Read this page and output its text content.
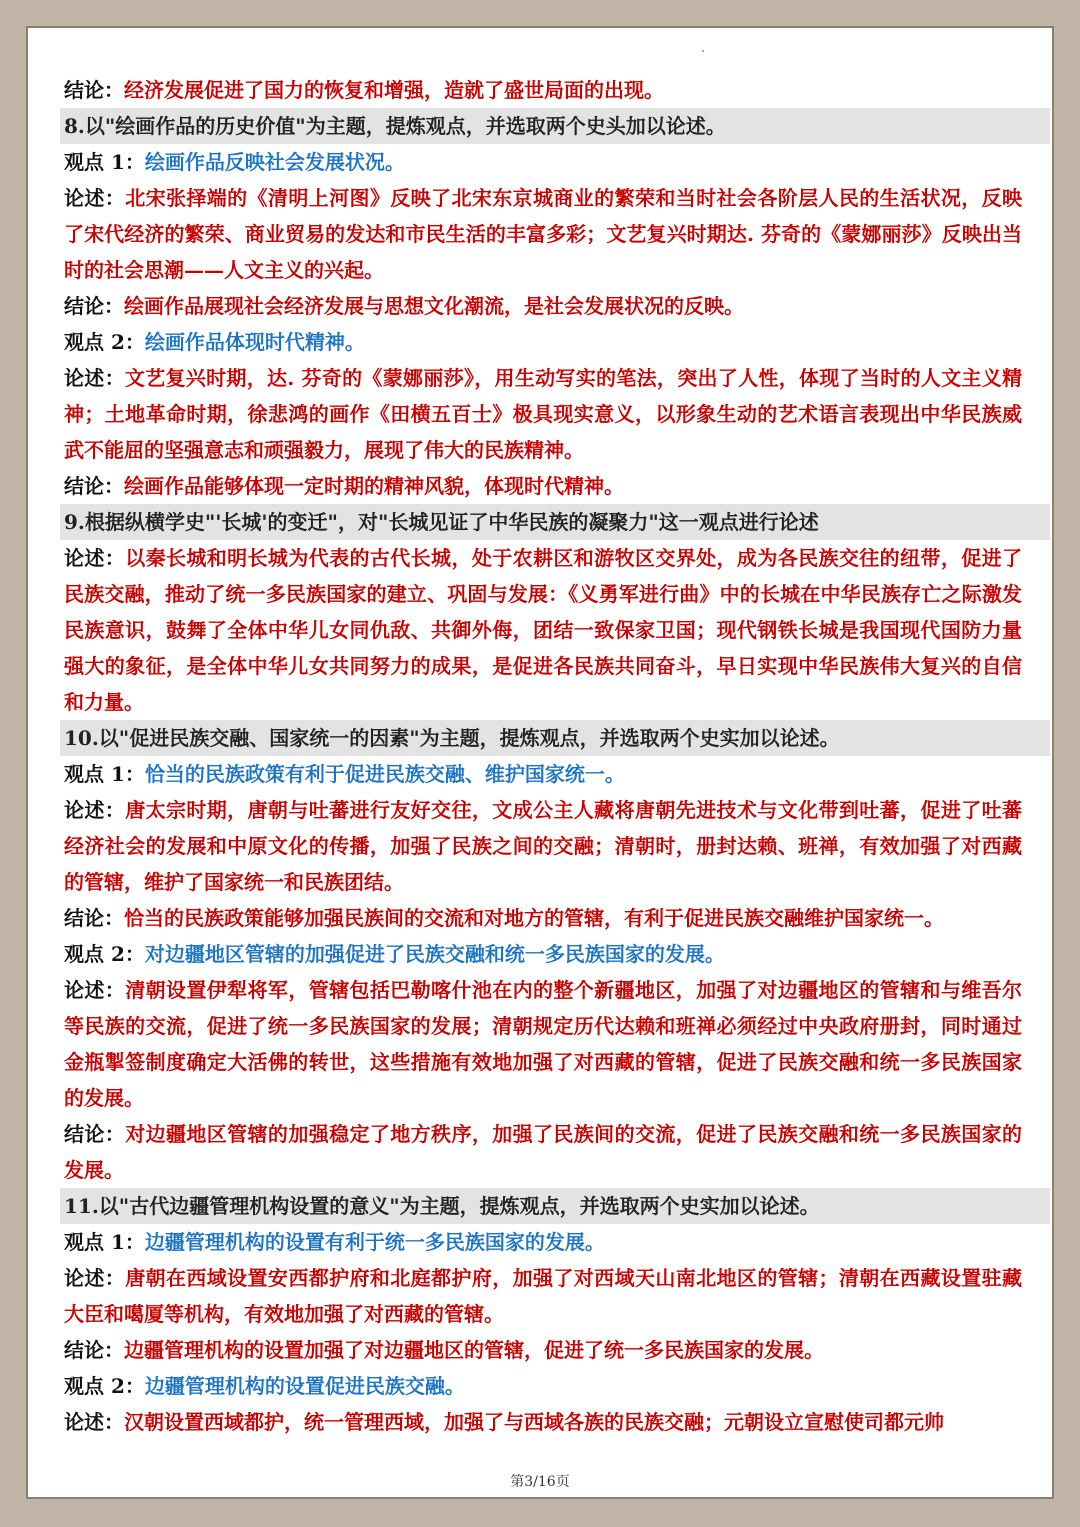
结论：经济发展促进了国力的恢复和增强，造就了盛世局面的出现。
8.以"绘画作品的历史价值"为主题，提炼观点，并选取两个史头加以论述。
观点 1：绘画作品反映社会发展状况。
论述：北宋张择端的《清明上河图》反映了北宋东京城商业的繁荣和当时社会各阶层人民的生活状况，反映了宋代经济的繁荣、商业贸易的发达和市民生活的丰富多彩；文艺复兴时期达. 芬奇的《蒙娜丽莎》反映出当时的社会思潮——人文主义的兴起。
结论：绘画作品展现社会经济发展与思想文化潮流，是社会发展状况的反映。
观点 2：绘画作品体现时代精神。
论述：文艺复兴时期，达. 芬奇的《蒙娜丽莎》，用生动写实的笔法，突出了人性，体现了当时的人文主义精神；土地革命时期，徐悲鸿的画作《田横五百士》极具现实意义，以形象生动的艺术语言表现出中华民族威武不能屈的坚强意志和顽强毅力，展现了伟大的民族精神。
结论：绘画作品能够体现一定时期的精神风貌，体现时代精神。
9.根据纵横学史"'长城'的变迁"，对"长城见证了中华民族的凝聚力"这一观点进行论述
论述：以秦长城和明长城为代表的古代长城，处于农耕区和游牧区交界处，成为各民族交往的纽带，促进了民族交融，推动了统一多民族国家的建立、巩固与发展：《义勇军进行曲》中的长城在中华民族存亡之际激发民族意识，鼓舞了全体中华儿女同仇敌、共御外侮，团结一致保家卫国；现代钢铁长城是我国现代国防力量强大的象征，是全体中华儿女共同努力的成果，是促进各民族共同奋斗，早日实现中华民族伟大复兴的自信和力量。
10.以"促进民族交融、国家统一的因素"为主题，提炼观点，并选取两个史实加以论述。
观点 1：恰当的民族政策有利于促进民族交融、维护国家统一。
论述：唐太宗时期，唐朝与吐蕃进行友好交往，文成公主人藏将唐朝先进技术与文化带到吐蕃，促进了吐蕃经济社会的发展和中原文化的传播，加强了民族之间的交融；清朝时，册封达赖、班禅，有效加强了对西藏的管辖，维护了国家统一和民族团结。
结论：恰当的民族政策能够加强民族间的交流和对地方的管辖，有利于促进民族交融维护国家统一。
观点 2：对边疆地区管辖的加强促进了民族交融和统一多民族国家的发展。
论述：清朝设置伊犁将军，管辖包括巴勒喀什池在内的整个新疆地区，加强了对边疆地区的管辖和与维吾尔等民族的交流，促进了统一多民族国家的发展；清朝规定历代达赖和班禅必须经过中央政府册封，同时通过金瓶掣签制度确定大活佛的转世，这些措施有效地加强了对西藏的管辖，促进了民族交融和统一多民族国家的发展。
结论：对边疆地区管辖的加强稳定了地方秩序，加强了民族间的交流，促进了民族交融和统一多民族国家的发展。
11.以"古代边疆管理机构设置的意义"为主题，提炼观点，并选取两个史实加以论述。
观点 1：边疆管理机构的设置有利于统一多民族国家的发展。
论述：唐朝在西域设置安西都护府和北庭都护府，加强了对西域天山南北地区的管辖；清朝在西藏设置驻藏大臣和噶厦等机构，有效地加强了对西藏的管辖。
结论：边疆管理机构的设置加强了对边疆地区的管辖，促进了统一多民族国家的发展。
观点 2：边疆管理机构的设置促进民族交融。
论述：汉朝设置西域都护，统一管理西域，加强了与西域各族的民族交融；元朝设立宣慰使司都元帅
第3/16页
